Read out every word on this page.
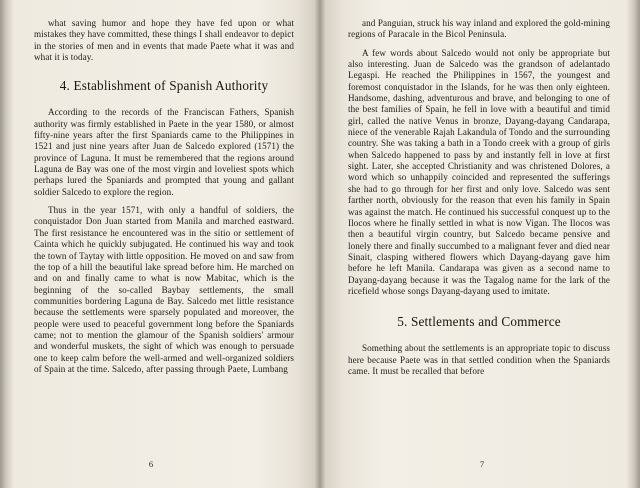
what saving humor and hope they have fed upon or what mistakes they have committed, these things I shall endeavor to depict in the stories of men and in events that made Paete what it was and what it is today.

4. Establishment of Spanish Authority

According to the records of the Franciscan Fathers, Spanish authority was firmly established in Paete in the year 1580, or almost fifty-nine years after the first Spaniards came to the Philippines in 1521 and just nine years after Juan de Salcedo explored (1571) the province of Laguna. It must be remembered that the regions around Laguna de Bay was one of the most virgin and loveliest spots which perhaps lured the Spaniards and prompted that young and gallant soldier Salcedo to explore the region.

Thus in the year 1571, with only a handful of soldiers, the conquistador Don Juan started from Manila and marched eastward. The first resistance he encountered was in the sitio or settlement of Cainta which he quickly subjugated. He continued his way and took the town of Taytay with little opposition. He moved on and saw from the top of a hill the beautiful lake spread before him. He marched on and on and finally came to what is now Mabitac, which is the beginning of the so-called Baybay settlements, the small communities bordering Laguna de Bay. Salcedo met little resistance because the settlements were sparsely populated and moreover, the people were used to peaceful government long before the Spaniards came; not to mention the glamour of the Spanish soldiers' armour and wonderful muskets, the sight of which was enough to persuade one to keep calm before the well-armed and well-organized soldiers of Spain at the time. Salcedo, after passing through Paete, Lumbang

6

and Panguian, struck his way inland and explored the gold-mining regions of Paracale in the Bicol Peninsula.

A few words about Salcedo would not only be appropriate but also interesting. Juan de Salcedo was the grandson of adelantado Legaspi. He reached the Philippines in 1567, the youngest and foremost conquistador in the Islands, for he was then only eighteen. Handsome, dashing, adventurous and brave, and belonging to one of the best families of Spain, he fell in love with a beautiful and timid girl, called the native Venus in bronze, Dayang-dayang Candarapa, niece of the venerable Rajah Lakandula of Tondo and the surrounding country. She was taking a bath in a Tondo creek with a group of girls when Salcedo happened to pass by and instantly fell in love at first sight. Later, she accepted Christianity and was christened Dolores, a word which so unhappily coincided and represented the sufferings she had to go through for her first and only love. Salcedo was sent farther north, obviously for the reason that even his family in Spain was against the match. He continued his successful conquest up to the Ilocos where he finally settled in what is now Vigan. The Ilocos was then a beautiful virgin country, but Salcedo became pensive and lonely there and finally succumbed to a malignant fever and died near Sinait, clasping withered flowers which Dayang-dayang gave him before he left Manila. Candarapa was given as a second name to Dayang-dayang because it was the Tagalog name for the lark of the ricefield whose songs Dayang-dayang used to imitate.

5. Settlements and Commerce

Something about the settlements is an appropriate topic to discuss here because Paete was in that settled condition when the Spaniards came. It must be recalled that before

7
